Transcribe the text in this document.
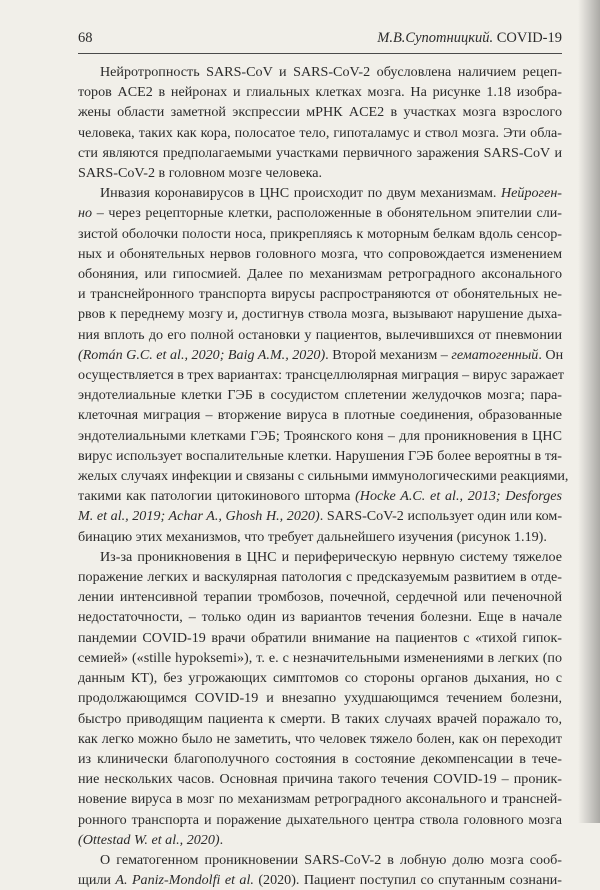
68	М.В.Супотницкий. COVID-19
Нейротропность SARS-CoV и SARS-CoV-2 обусловлена наличием рецеп-
торов ACE2 в нейронах и глиальных клетках мозга. На рисунке 1.18 изобра-
жены области заметной экспрессии мРНК ACE2 в участках мозга взрослого
человека, таких как кора, полосатое тело, гипоталамус и ствол мозга. Эти обла-
сти являются предполагаемыми участками первичного заражения SARS-CoV и
SARS-CoV-2 в головном мозге человека.
Инвазия коронавирусов в ЦНС происходит по двум механизмам. Нейроген-
но – через рецепторные клетки, расположенные в обонятельном эпителии сли-
зистой оболочки полости носа, прикрепляясь к моторным белкам вдоль сенсор-
ных и обонятельных нервов головного мозга, что сопровождается изменением
обоняния, или гипосмией. Далее по механизмам ретроградного аксонального
и транснейронного транспорта вирусы распространяются от обонятельных не-
рвов к переднему мозгу и, достигнув ствола мозга, вызывают нарушение дыха-
ния вплоть до его полной остановки у пациентов, вылечившихся от пневмонии
(Román G.C. et al., 2020; Baig A.M., 2020). Второй механизм – гематогенный. Он
осуществляется в трех вариантах: трансцеллюлярная миграция – вирус заражает
эндотелиальные клетки ГЭБ в сосудистом сплетении желудочков мозга; пара-
клеточная миграция – вторжение вируса в плотные соединения, образованные
эндотелиальными клетками ГЭБ; Троянского коня – для проникновения в ЦНС
вирус использует воспалительные клетки. Нарушения ГЭБ более вероятны в тя-
желых случаях инфекции и связаны с сильными иммунологическими реакциями,
такими как патологии цитокинового шторма (Hocke A.C. et al., 2013; Desforges
M. et al., 2019; Achar A., Ghosh H., 2020). SARS-CoV-2 использует один или ком-
бинацию этих механизмов, что требует дальнейшего изучения (рисунок 1.19).
Из-за проникновения в ЦНС и периферическую нервную систему тяжелое
поражение легких и васкулярная патология с предсказуемым развитием в отде-
лении интенсивной терапии тромбозов, почечной, сердечной или печеночной
недостаточности, – только один из вариантов течения болезни. Еще в начале
пандемии COVID-19 врачи обратили внимание на пациентов с «тихой гипок-
семией» («stille hypoksemi»), т. е. с незначительными изменениями в легких (по
данным КТ), без угрожающих симптомов со стороны органов дыхания, но с
продолжающимся COVID-19 и внезапно ухудшающимся течением болезни,
быстро приводящим пациента к смерти. В таких случаях врачей поражало то,
как легко можно было не заметить, что человек тяжело болен, как он переходит
из клинически благополучного состояния в состояние декомпенсации в тече-
ние нескольких часов. Основная причина такого течения COVID-19 – проник-
новение вируса в мозг по механизмам ретроградного аксонального и трансней-
ронного транспорта и поражение дыхательного центра ствола головного мозга
(Ottestad W. et al., 2020).
О гематогенном проникновении SARS-CoV-2 в лобную долю мозга сооб-
щили A. Paniz-Mondolfi et al. (2020). Пациент поступил со спутанным сознани-
